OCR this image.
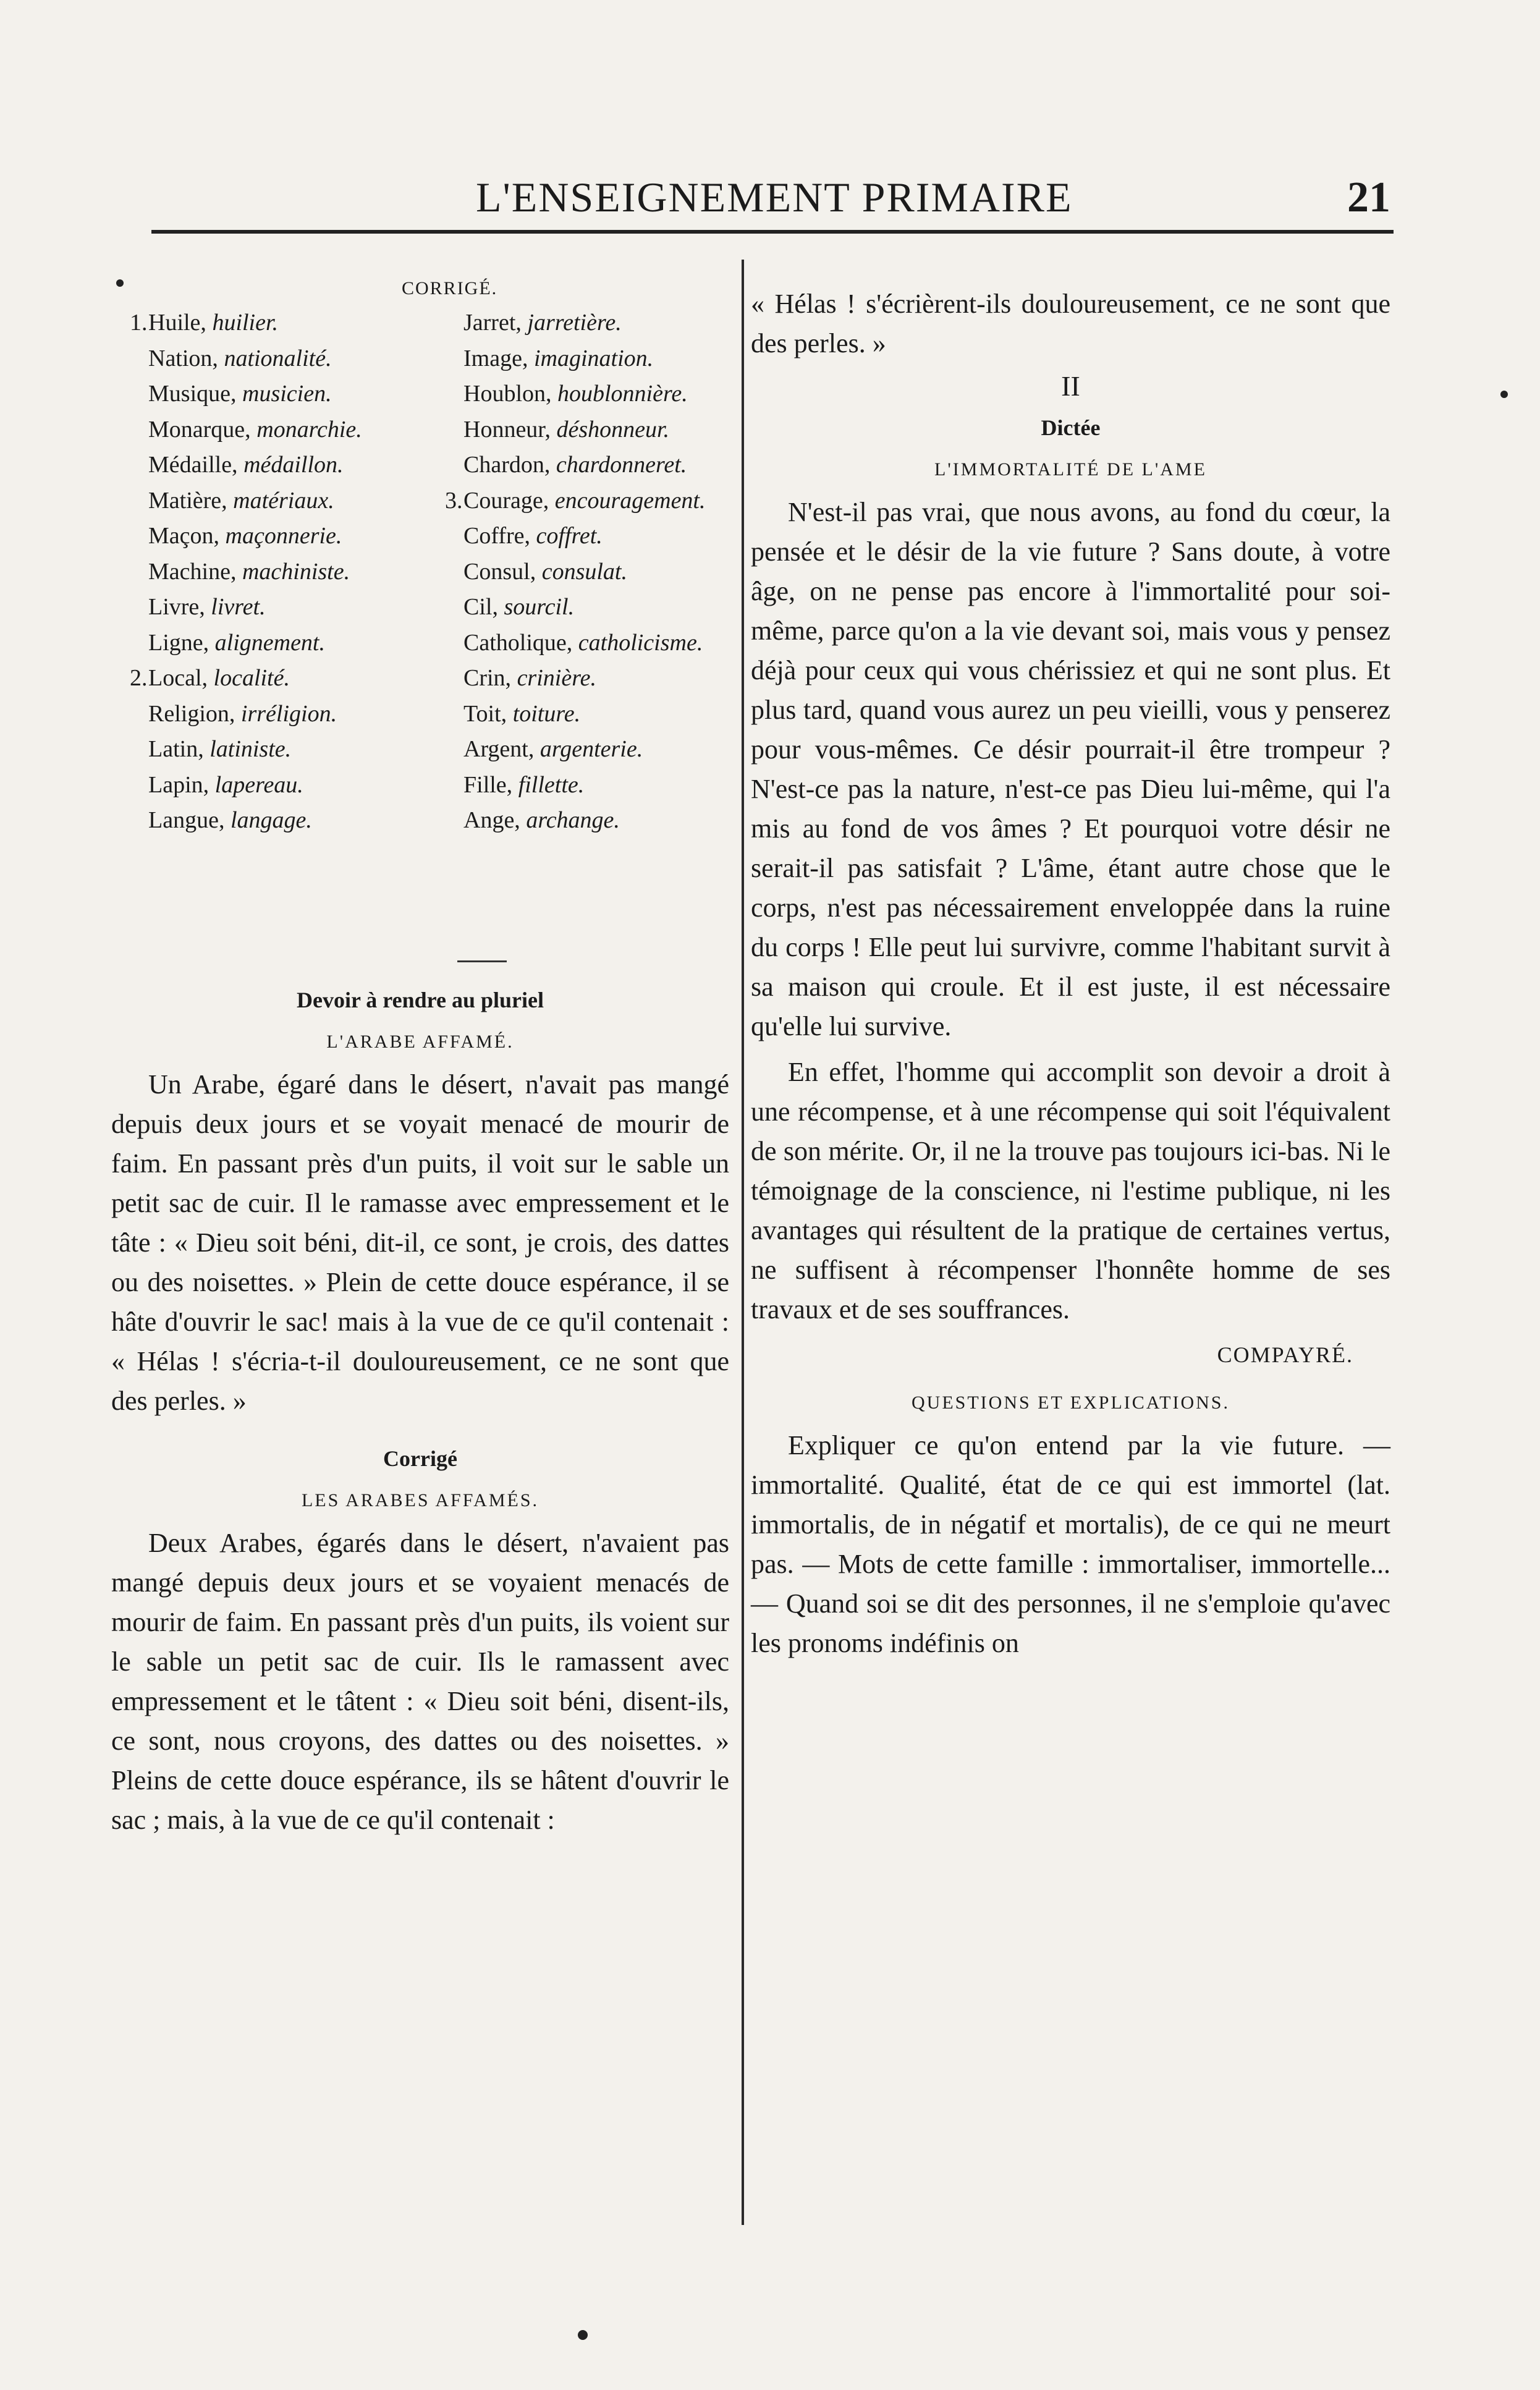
L'ENSEIGNEMENT PRIMAIRE	21
CORRIGÉ.
1.Huile, huilier.
Nation, nationalité.
Musique, musicien.
Monarque, monarchie.
Médaille, médaillon.
Matière, matériaux.
Maçon, maçonnerie.
Machine, machiniste.
Livre, livret.
Ligne, alignement.
2.Local, localité.
Religion, irréligion.
Latin, latiniste.
Lapin, lapereau.
Langue, langage.
Jarret, jarretière.
Image, imagination.
Houblon, houblonnière.
Honneur, déshonneur.
Chardon, chardonneret.
3.Courage, encouragement.
Coffre, coffret.
Consul, consulat.
Cil, sourcil.
Catholique, catholicisme.
Crin, crinière.
Toit, toiture.
Argent, argenterie.
Fille, fillette.
Ange, archange.
Devoir à rendre au pluriel
L'ARABE AFFAMÉ.

Un Arabe, égaré dans le désert, n'avait pas mangé depuis deux jours et se voyait menacé de mourir de faim. En passant près d'un puits, il voit sur le sable un petit sac de cuir. Il le ramasse avec empressement et le tâte : « Dieu soit béni, dit-il, ce sont, je crois, des dattes ou des noisettes. » Plein de cette douce espérance, il se hâte d'ouvrir le sac! mais à la vue de ce qu'il contenait : « Hélas ! s'écria-t-il douloureusement, ce ne sont que des perles. »

Corrigé
LES ARABES AFFAMÉS.

Deux Arabes, égarés dans le désert, n'avaient pas mangé depuis deux jours et se voyaient menacés de mourir de faim. En passant près d'un puits, ils voient sur le sable un petit sac de cuir. Ils le ramassent avec empressement et le tâtent : « Dieu soit béni, disent-ils, ce sont, nous croyons, des dattes ou des noisettes. » Pleins de cette douce espérance, ils se hâtent d'ouvrir le sac ; mais, à la vue de ce qu'il contenait :

« Hélas ! s'écrièrent-ils douloureusement, ce ne sont que des perles. »

II
Dictée
L'IMMORTALITÉ DE L'AME

N'est-il pas vrai, que nous avons, au fond du cœur, la pensée et le désir de la vie future ? Sans doute, à votre âge, on ne pense pas encore à l'immortalité pour soi-même, parce qu'on a la vie devant soi, mais vous y pensez déjà pour ceux qui vous chérissiez et qui ne sont plus. Et plus tard, quand vous aurez un peu vieilli, vous y penserez pour vous-mêmes. Ce désir pourrait-il être trompeur ? N'est-ce pas la nature, n'est-ce pas Dieu lui-même, qui l'a mis au fond de vos âmes ? Et pourquoi votre désir ne serait-il pas satisfait ? L'âme, étant autre chose que le corps, n'est pas nécessairement enveloppée dans la ruine du corps ! Elle peut lui survivre, comme l'habitant survit à sa maison qui croule. Et il est juste, il est nécessaire qu'elle lui survive.

En effet, l'homme qui accomplit son devoir a droit à une récompense, et à une récompense qui soit l'équivalent de son mérite. Or, il ne la trouve pas toujours ici-bas. Ni le témoignage de la conscience, ni l'estime publique, ni les avantages qui résultent de la pratique de certaines vertus, ne suffisent à récompenser l'honnête homme de ses travaux et de ses souffrances.

COMPAYRÉ.
QUESTIONS ET EXPLICATIONS.

Expliquer ce qu'on entend par la vie future. — immortalité. Qualité, état de ce qui est immortel (lat. immortalis, de in négatif et mortalis), de ce qui ne meurt pas. — Mots de cette famille : immortaliser, immortelle... — Quand soi se dit des personnes, il ne s'emploie qu'avec les pronoms indéfinis on
